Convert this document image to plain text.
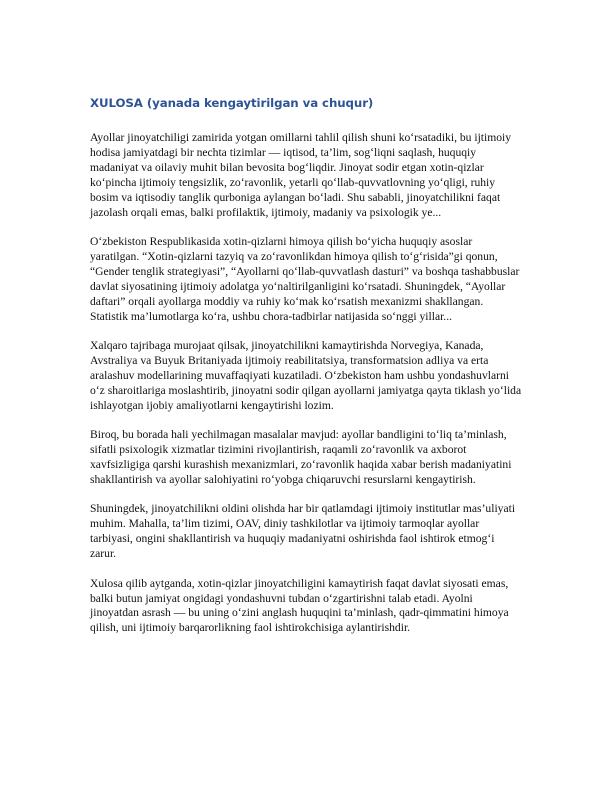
XULOSA (yanada kengaytirilgan va chuqur)

Ayollar jinoyatchiligi zamirida yotgan omillarni tahlil qilish shuni ko‘rsatadiki, bu ijtimoiy hodisa jamiyatdagi bir nechta tizimlar — iqtisod, ta’lim, sog‘liqni saqlash, huquqiy madaniyat va oilaviy muhit bilan bevosita bog‘liqdir. Jinoyat sodir etgan xotin-qizlar ko‘pincha ijtimoiy tengsizlik, zo‘ravonlik, yetarli qo‘llab-quvvatlovning yo‘qligi, ruhiy bosim va iqtisodiy tanglik qurboniga aylangan bo‘ladi. Shu sababli, jinoyatchilikni faqat jazolash orqali emas, balki profilaktik, ijtimoiy, madaniy va psixologik ye...

O‘zbekiston Respublikasida xotin-qizlarni himoya qilish bo‘yicha huquqiy asoslar yaratilgan. “Xotin-qizlarni tazyiq va zo‘ravonlikdan himoya qilish to‘g‘risida”gi qonun, “Gender tenglik strategiyasi”, “Ayollarni qo‘llab-quvvatlash dasturi” va boshqa tashabbuslar davlat siyosatining ijtimoiy adolatga yo‘naltirilganligini ko‘rsatadi. Shuningdek, “Ayollar daftari” orqali ayollarga moddiy va ruhiy ko‘mak ko‘rsatish mexanizmi shakllangan. Statistik ma’lumotlarga ko‘ra, ushbu chora-tadbirlar natijasida so‘nggi yillar...

Xalqaro tajribaga murojaat qilsak, jinoyatchilikni kamaytirishda Norvegiya, Kanada, Avstraliya va Buyuk Britaniyada ijtimoiy reabilitatsiya, transformatsion adliya va erta aralashuv modellarining muvaffaqiyati kuzatiladi. O‘zbekiston ham ushbu yondashuvlarni o‘z sharoitlariga moslashtirib, jinoyatni sodir qilgan ayollarni jamiyatga qayta tiklash yo‘lida ishlayotgan ijobiy amaliyotlarni kengaytirishi lozim.

Biroq, bu borada hali yechilmagan masalalar mavjud: ayollar bandligini to‘liq ta’minlash, sifatli psixologik xizmatlar tizimini rivojlantirish, raqamli zo‘ravonlik va axborot xavfsizligiga qarshi kurashish mexanizmlari, zo‘ravonlik haqida xabar berish madaniyatini shakllantirish va ayollar salohiyatini ro‘yobga chiqaruvchi resurslarni kengaytirish.

Shuningdek, jinoyatchilikni oldini olishda har bir qatlamdagi ijtimoiy institutlar mas’uliyati muhim. Mahalla, ta’lim tizimi, OAV, diniy tashkilotlar va ijtimoiy tarmoqlar ayollar tarbiyasi, ongini shakllantirish va huquqiy madaniyatni oshirishda faol ishtirok etmog‘i zarur.

Xulosa qilib aytganda, xotin-qizlar jinoyatchiligini kamaytirish faqat davlat siyosati emas, balki butun jamiyat ongidagi yondashuvni tubdan o‘zgartirishni talab etadi. Ayolni jinoyatdan asrash — bu uning o‘zini anglash huquqini ta’minlash, qadr-qimmatini himoya qilish, uni ijtimoiy barqarorlikning faol ishtirokchisiga aylantirishdir.
